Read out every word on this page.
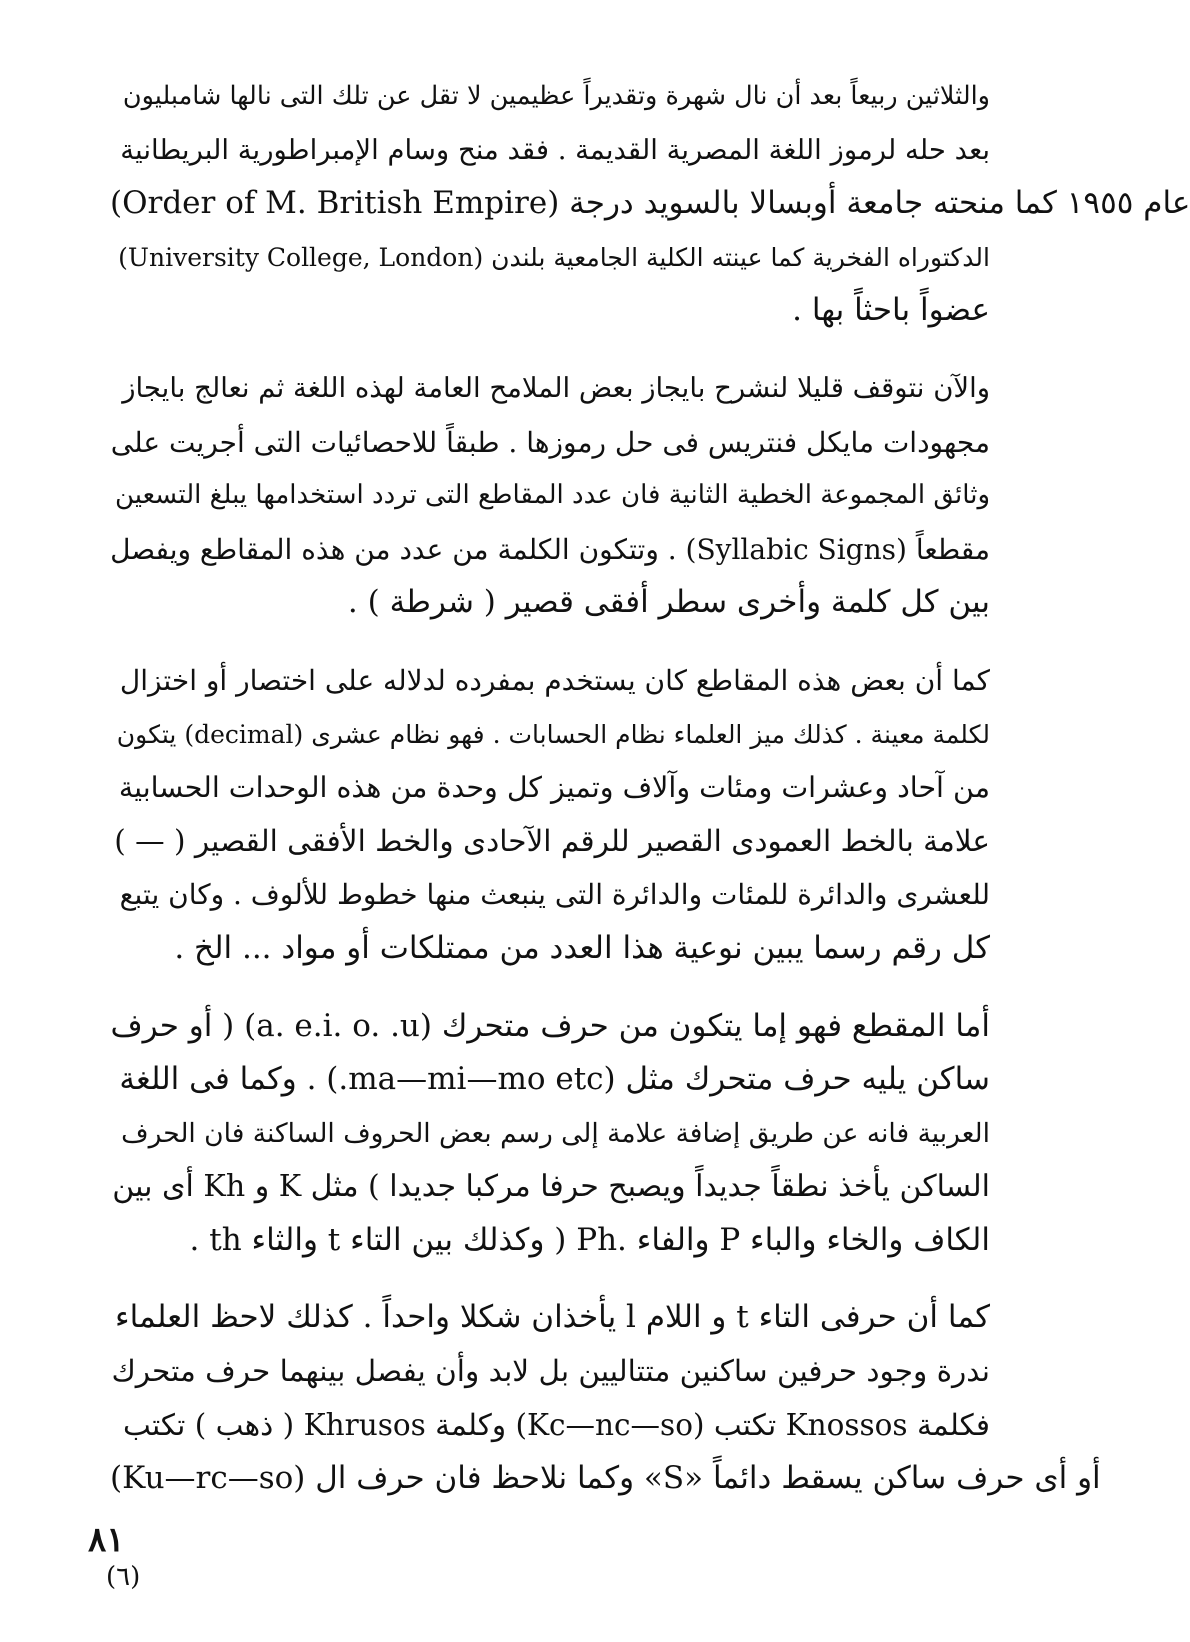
والثلاثين ربيعاً بعد أن نال شهرة وتقديراً عظيمين لا تقل عن تلك التى نالها شامبليون
بعد حله لرموز اللغة المصرية القديمة . فقد منح وسام الإمبراطورية البريطانية
(Order of M. British Empire) عام ١٩٥٥ كما منحته جامعة أوبسالا بالسويد درجة
الدكتوراه الفخرية كما عينته الكلية الجامعية بلندن (University College, London)
عضواً باحثاً بها .

والآن نتوقف قليلا لنشرح بايجاز بعض الملامح العامة لهذه اللغة ثم نعالج بايجاز
مجهودات مايكل فنتريس فى حل رموزها . طبقاً للاحصائيات التى أجريت على
وثائق المجموعة الخطية الثانية فان عدد المقاطع التى تردد استخدامها يبلغ التسعين
مقطعاً (Syllabic Signs) . وتتكون الكلمة من عدد من هذه المقاطع ويفصل
بين كل كلمة وأخرى سطر أفقى قصير ( شرطة ) .

كما أن بعض هذه المقاطع كان يستخدم بمفرده لدلاله على اختصار أو اختزال
لكلمة معينة . كذلك ميز العلماء نظام الحسابات . فهو نظام عشرى (decimal) يتكون
من آحاد وعشرات ومئات وآلاف وتميز كل وحدة من هذه الوحدات الحسابية
علامة بالخط العمودى القصير للرقم الآحادى والخط الأفقى القصير ( — )
للعشرى والدائرة للمئات والدائرة التى ينبعث منها خطوط للألوف . وكان يتبع
كل رقم رسما يبين نوعية هذا العدد من ممتلكات أو مواد ... الخ .

أما المقطع فهو إما يتكون من حرف متحرك (a. e.i. o. .u) ( أو حرف
ساكن يليه حرف متحرك مثل (ma—mi—mo etc.) . وكما فى اللغة
العربية فانه عن طريق إضافة علامة إلى رسم بعض الحروف الساكنة فان الحرف
الساكن يأخذ نطقاً جديداً ويصبح حرفا مركبا جديدا ) مثل K و Kh أى بين
الكاف والخاء والباء P والفاء .Ph ( وكذلك بين التاء t والثاء th .

كما أن حرفى التاء t و اللام l يأخذان شكلا واحداً . كذلك لاحظ العلماء
ندرة وجود حرفين ساكنين متتاليين بل لابد وأن يفصل بينهما حرف متحرك
فكلمة Knossos تكتب (Kc—nc—so) وكلمة Khrusos ( ذهب ) تكتب
(Ku—rc—so) وكما نلاحظ فان حرف ال «S» أو أى حرف ساكن يسقط دائماً

٨١
(٦)
